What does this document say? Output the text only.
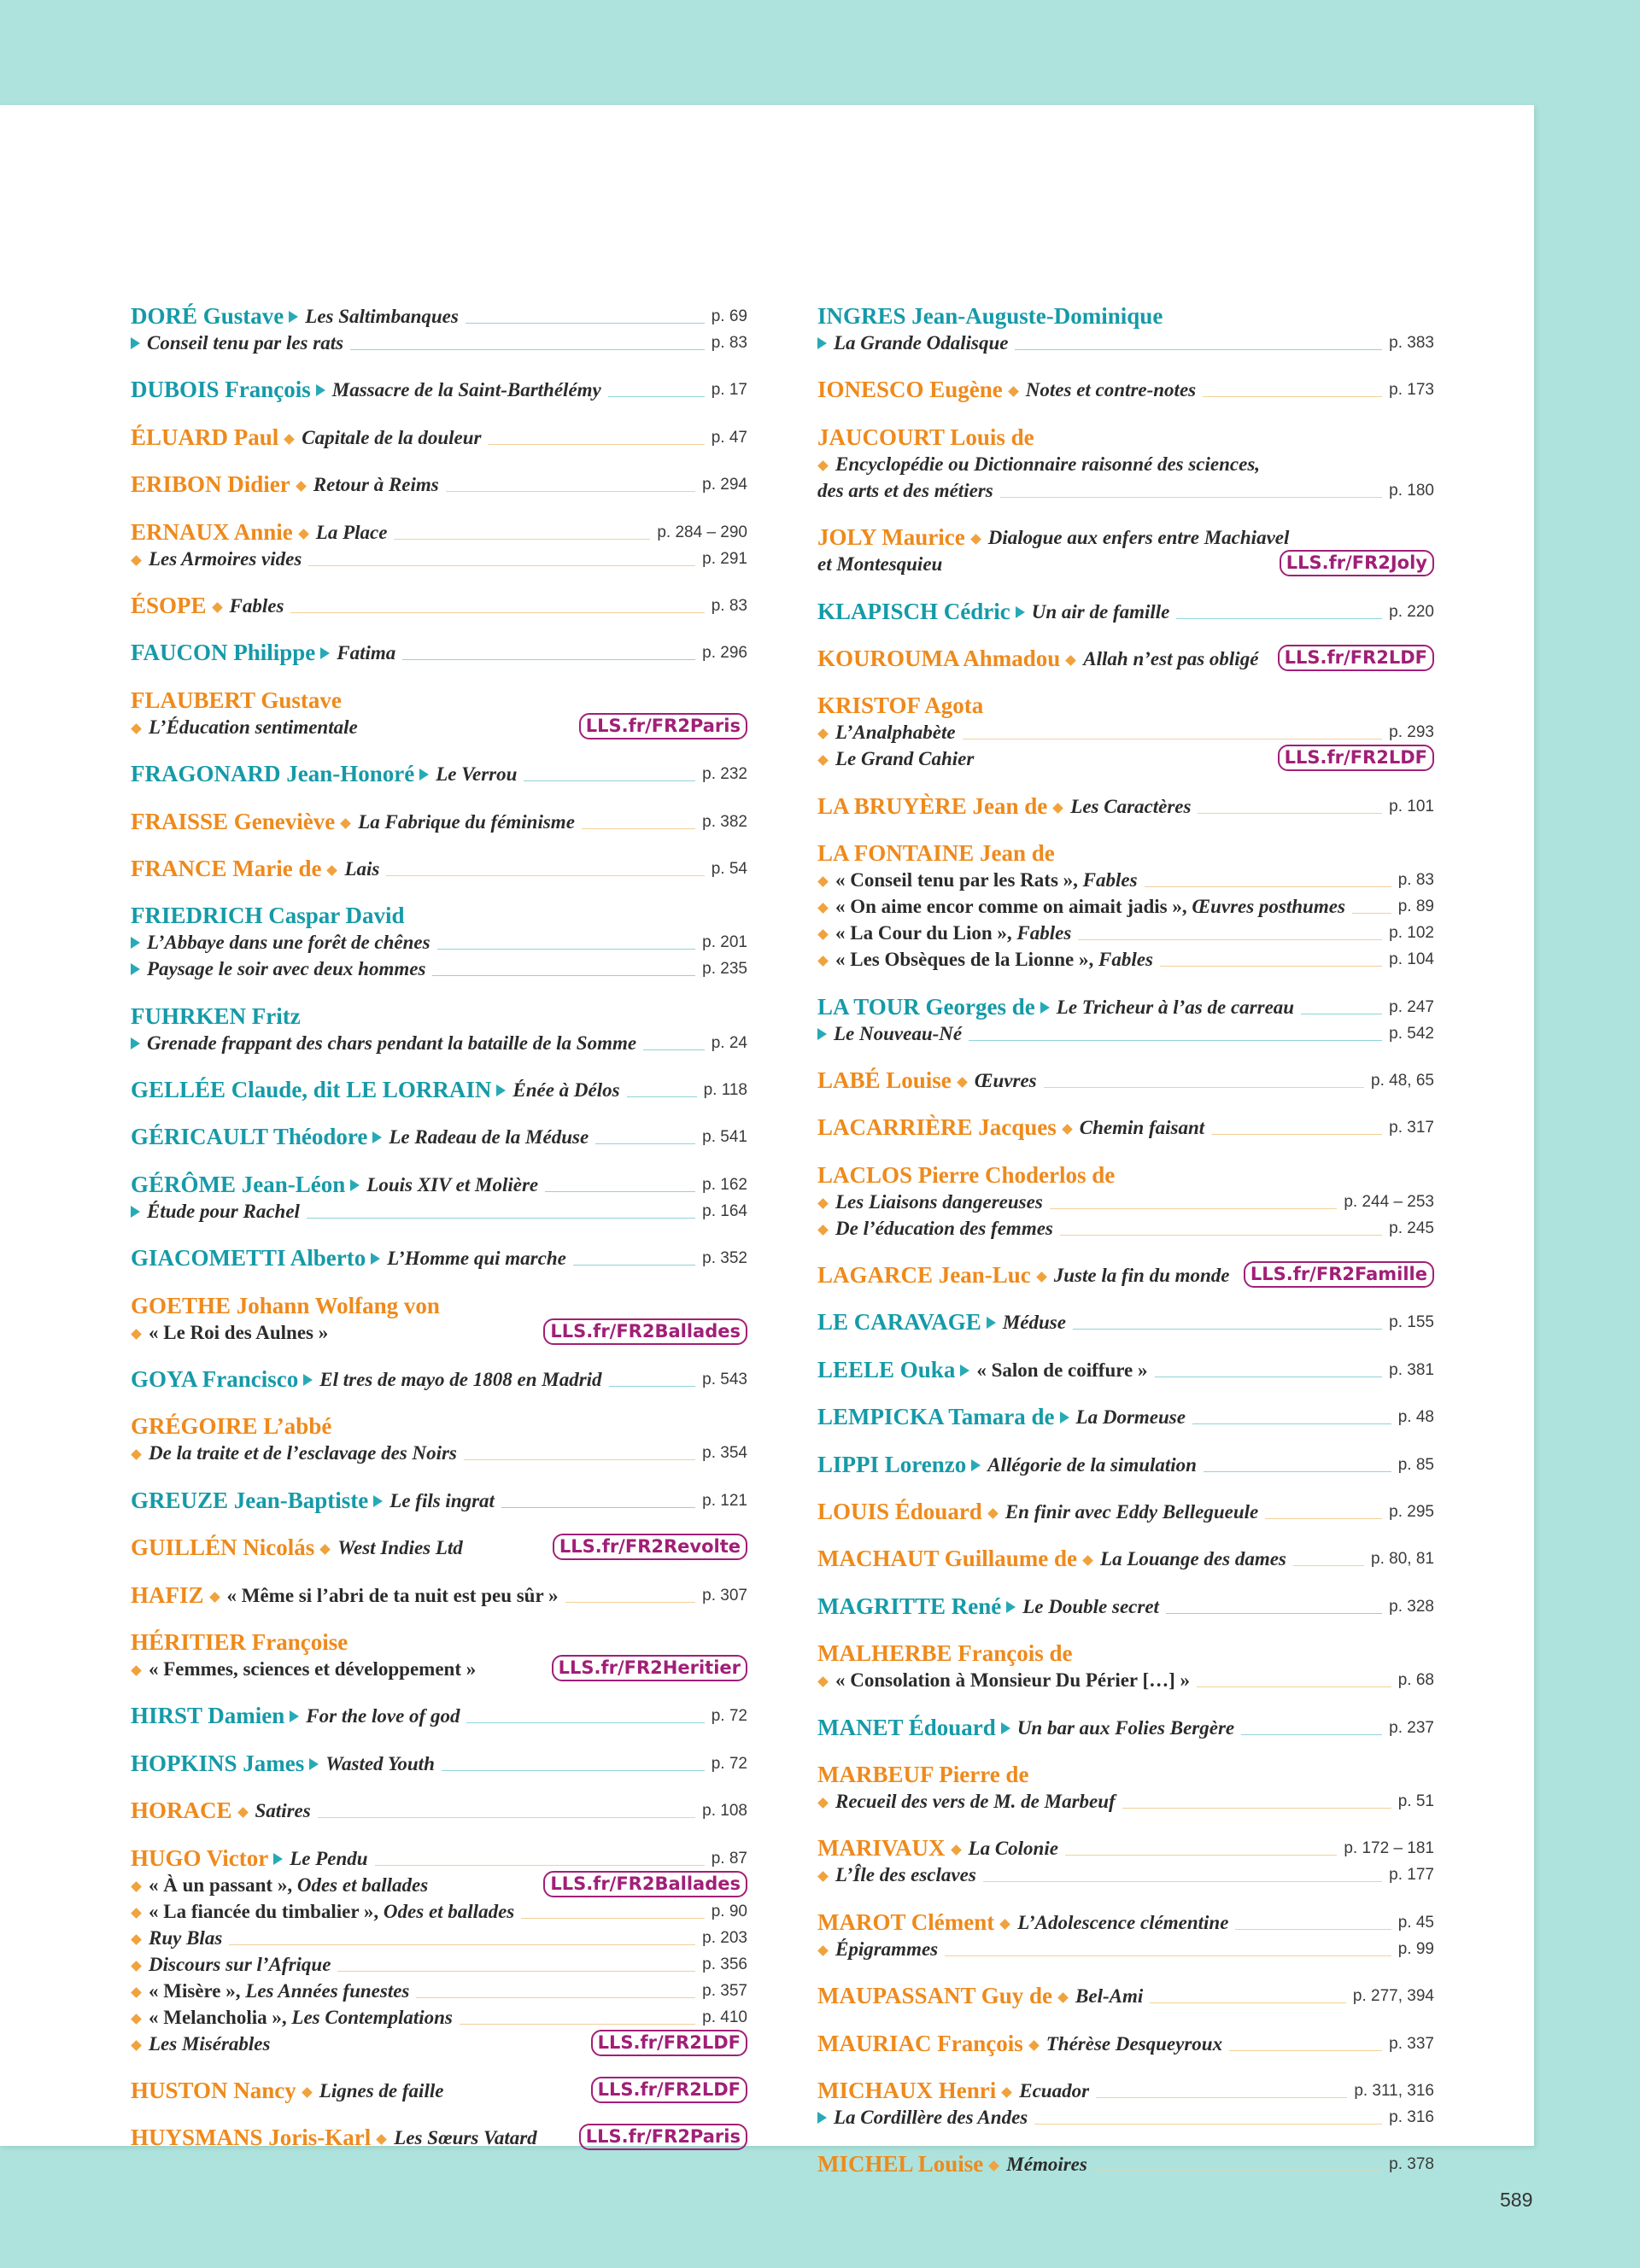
DORÉ Gustave Les Saltimbanques	p. 69
Conseil tenu par les rats	p. 83
DUBOIS François Massacre de la Saint-Barthélémy	p. 17
ÉLUARD Paul Capitale de la douleur	p. 47
ERIBON Didier Retour à Reims	p. 294
ERNAUX Annie La Place	p. 284 – 290
Les Armoires vides	p. 291
ÉSOPE Fables	p. 83
FAUCON Philippe Fatima	p. 296
FLAUBERT Gustave
L’Éducation sentimentale	LLS.fr/FR2Paris
FRAGONARD Jean-Honoré Le Verrou	p. 232
FRAISSE Geneviève La Fabrique du féminisme	p. 382
FRANCE Marie de Lais	p. 54
FRIEDRICH Caspar David
L’Abbaye dans une forêt de chênes	p. 201
Paysage le soir avec deux hommes	p. 235
FUHRKEN Fritz
Grenade frappant des chars pendant la bataille de la Somme	p. 24
GELLÉE Claude, dit LE LORRAIN Énée à Délos	p. 118
GÉRICAULT Théodore Le Radeau de la Méduse	p. 541
GÉRÔME Jean-Léon Louis XIV et Molière	p. 162
Étude pour Rachel	p. 164
GIACOMETTI Alberto L’Homme qui marche	p. 352
GOETHE Johann Wolfang von
« Le Roi des Aulnes »	LLS.fr/FR2Ballades
GOYA Francisco El tres de mayo de 1808 en Madrid	p. 543
GRÉGOIRE L’abbé
De la traite et de l’esclavage des Noirs	p. 354
GREUZE Jean-Baptiste Le fils ingrat	p. 121
GUILLÉN Nicolás West Indies Ltd	LLS.fr/FR2Revolte
HAFIZ « Même si l’abri de ta nuit est peu sûr »	p. 307
HÉRITIER Françoise
« Femmes, sciences et développement »	LLS.fr/FR2Heritier
HIRST Damien For the love of god	p. 72
HOPKINS James Wasted Youth	p. 72
HORACE Satires	p. 108
HUGO Victor Le Pendu	p. 87
« À un passant », Odes et ballades	LLS.fr/FR2Ballades
« La fiancée du timbalier », Odes et ballades	p. 90
Ruy Blas	p. 203
Discours sur l’Afrique	p. 356
« Misère », Les Années funestes	p. 357
« Melancholia », Les Contemplations	p. 410
Les Misérables	LLS.fr/FR2LDF
HUSTON Nancy Lignes de faille	LLS.fr/FR2LDF
HUYSMANS Joris-Karl Les Sœurs Vatard	LLS.fr/FR2Paris
INGRES Jean-Auguste-Dominique
La Grande Odalisque	p. 383
IONESCO Eugène Notes et contre-notes	p. 173
JAUCOURT Louis de
Encyclopédie ou Dictionnaire raisonné des sciences,
des arts et des métiers	p. 180
JOLY Maurice Dialogue aux enfers entre Machiavel
et Montesquieu	LLS.fr/FR2Joly
KLAPISCH Cédric Un air de famille	p. 220
KOUROUMA Ahmadou Allah n’est pas obligé	LLS.fr/FR2LDF
KRISTOF Agota
L’Analphabète	p. 293
Le Grand Cahier	LLS.fr/FR2LDF
LA BRUYÈRE Jean de Les Caractères	p. 101
LA FONTAINE Jean de
« Conseil tenu par les Rats », Fables	p. 83
« On aime encor comme on aimait jadis », Œuvres posthumes	p. 89
« La Cour du Lion », Fables	p. 102
« Les Obsèques de la Lionne », Fables	p. 104
LA TOUR Georges de Le Tricheur à l’as de carreau	p. 247
Le Nouveau-Né	p. 542
LABÉ Louise Œuvres	p. 48, 65
LACARRIÈRE Jacques Chemin faisant	p. 317
LACLOS Pierre Choderlos de
Les Liaisons dangereuses	p. 244 – 253
De l’éducation des femmes	p. 245
LAGARCE Jean-Luc Juste la fin du monde	LLS.fr/FR2Famille
LE CARAVAGE Méduse	p. 155
LEELE Ouka « Salon de coiffure »	p. 381
LEMPICKA Tamara de La Dormeuse	p. 48
LIPPI Lorenzo Allégorie de la simulation	p. 85
LOUIS Édouard En finir avec Eddy Bellegueule	p. 295
MACHAUT Guillaume de La Louange des dames	p. 80, 81
MAGRITTE René Le Double secret	p. 328
MALHERBE François de
« Consolation à Monsieur Du Périer […] »	p. 68
MANET Édouard Un bar aux Folies Bergère	p. 237
MARBEUF Pierre de
Recueil des vers de M. de Marbeuf	p. 51
MARIVAUX La Colonie	p. 172 – 181
L’Île des esclaves	p. 177
MAROT Clément L’Adolescence clémentine	p. 45
Épigrammes	p. 99
MAUPASSANT Guy de Bel-Ami	p. 277, 394
MAURIAC François Thérèse Desqueyroux	p. 337
MICHAUX Henri Ecuador	p. 311, 316
La Cordillère des Andes	p. 316
MICHEL Louise Mémoires	p. 378
589
